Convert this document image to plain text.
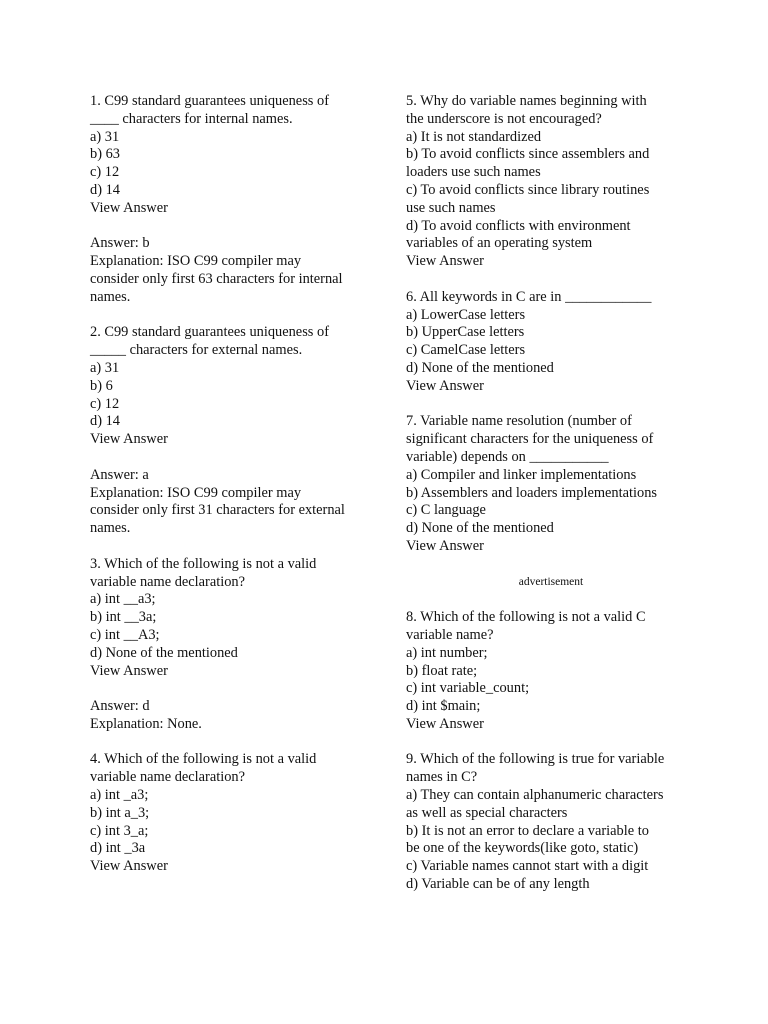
1. C99 standard guarantees uniqueness of
____ characters for internal names.
a) 31
b) 63
c) 12
d) 14
View Answer
Answer: b
Explanation: ISO C99 compiler may
consider only first 63 characters for internal
names.
2. C99 standard guarantees uniqueness of
_____ characters for external names.
a) 31
b) 6
c) 12
d) 14
View Answer
Answer: a
Explanation: ISO C99 compiler may
consider only first 31 characters for external
names.
3. Which of the following is not a valid
variable name declaration?
a) int __a3;
b) int __3a;
c) int __A3;
d) None of the mentioned
View Answer
Answer: d
Explanation: None.
4. Which of the following is not a valid
variable name declaration?
a) int _a3;
b) int a_3;
c) int 3_a;
d) int _3a
View Answer
5. Why do variable names beginning with
the underscore is not encouraged?
a) It is not standardized
b) To avoid conflicts since assemblers and
loaders use such names
c) To avoid conflicts since library routines
use such names
d) To avoid conflicts with environment
variables of an operating system
View Answer
6. All keywords in C are in ____________
a) LowerCase letters
b) UpperCase letters
c) CamelCase letters
d) None of the mentioned
View Answer
7. Variable name resolution (number of
significant characters for the uniqueness of
variable) depends on ___________
a) Compiler and linker implementations
b) Assemblers and loaders implementations
c) C language
d) None of the mentioned
View Answer
advertisement
8. Which of the following is not a valid C
variable name?
a) int number;
b) float rate;
c) int variable_count;
d) int $main;
View Answer
9. Which of the following is true for variable
names in C?
a) They can contain alphanumeric characters
as well as special characters
b) It is not an error to declare a variable to
be one of the keywords(like goto, static)
c) Variable names cannot start with a digit
d) Variable can be of any length
